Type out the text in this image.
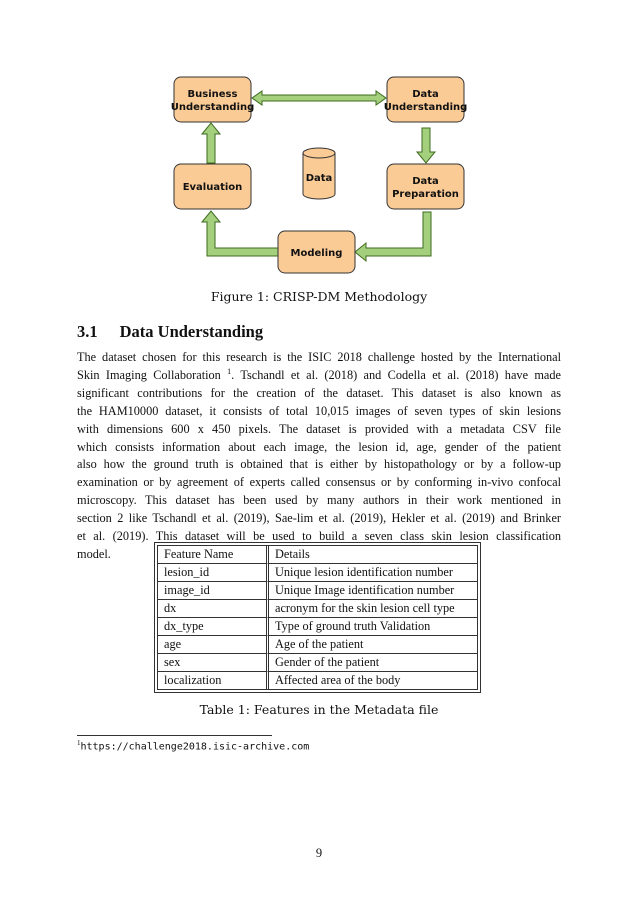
Business
Understanding
Data
Understanding
Data
Preparation
Evaluation
Modeling
Data
Figure 1: CRISP-DM Methodology
3.1 Data Understanding
The dataset chosen for this research is the ISIC 2018 challenge hosted by the International
Skin Imaging Collaboration $^1$. Tschandl et al. (2018) and Codella et al. (2018) have made
significant contributions for the creation of the dataset. This dataset is also known as
the HAM10000 dataset, it consists of total 10,015 images of seven types of skin lesions
with dimensions 600 x 450 pixels. The dataset is provided with a metadata CSV file
which consists information about each image, the lesion id, age, gender of the patient
also how the ground truth is obtained that is either by histopathology or by a follow-up
examination or by agreement of experts called consensus or by conforming in-vivo confocal
microscopy. This dataset has been used by many authors in their work mentioned in
section 2 like Tschandl et al. (2019), Sae-lim et al. (2019), Hekler et al. (2019) and Brinker
et al. (2019). This dataset will be used to build a seven class skin lesion classification
model.	Feature Name	Details
lesion_id	Unique lesion identification number
image_id	Unique Image identification number
dx	acronym for the skin lesion cell type
dx_type	Type of ground truth Validation
age	Age of the patient
sex	Gender of the patient
localization	Affected area of the body
Table 1: Features in the Metadata file
$^1$https://challenge2018.isic-archive.com
9
